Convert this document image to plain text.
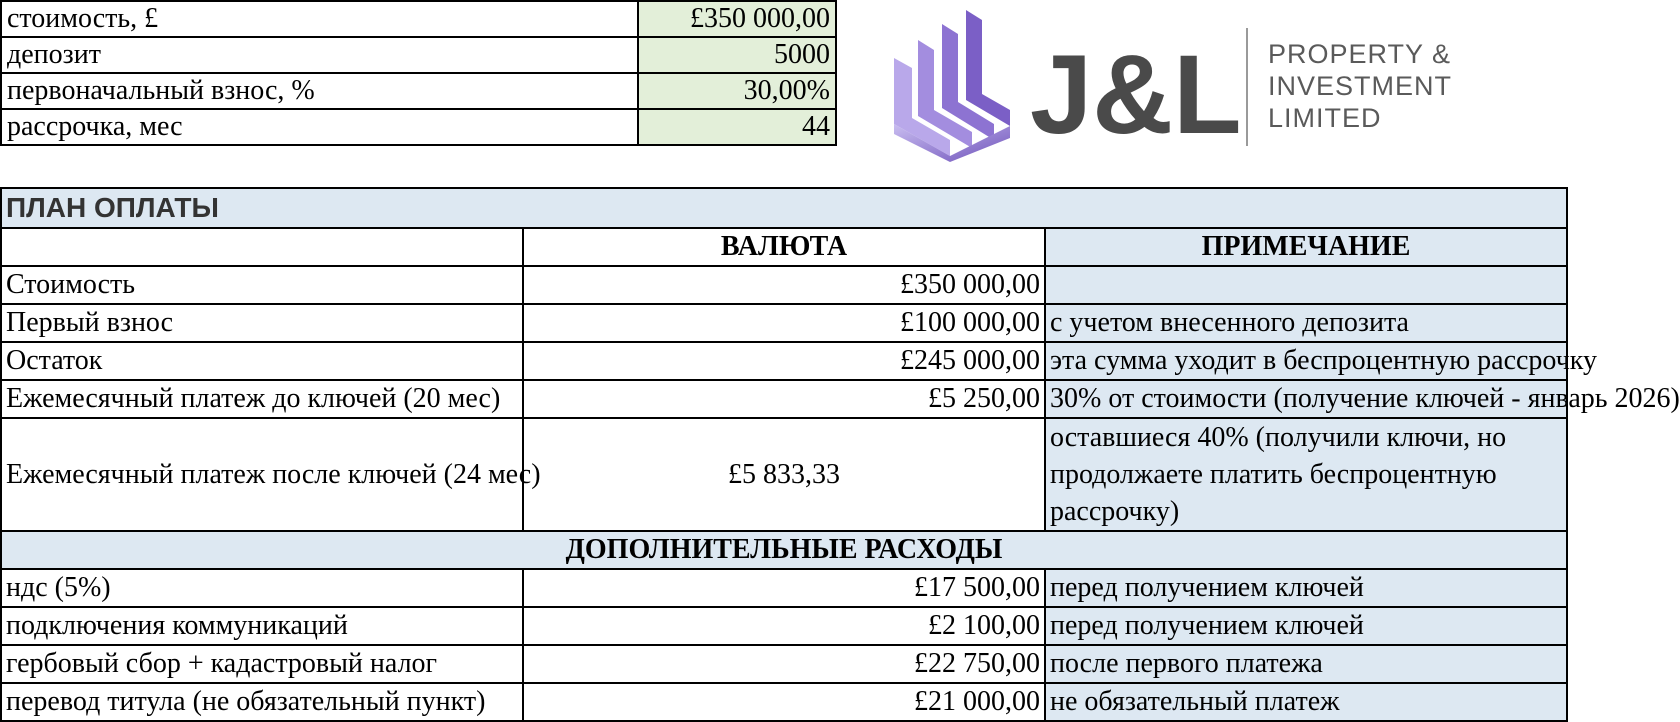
стоимость, £	£350 000,00
депозит	5000
первоначальный взнос, %	30,00%
рассрочка, мес	44 J&L PROPERTY &
INVESTMENT
LIMITED
ПЛАН ОПЛАТЫ		
	ВАЛЮТА	ПРИМЕЧАНИЕ
Стоимость	£350 000,00	
Первый взнос	£100 000,00	с учетом внесенного депозита
Остаток	£245 000,00	эта сумма уходит в беспроцентную рассрочку
Ежемесячный платеж до ключей (20 мес)	£5 250,00	30% от стоимости (получение ключей - январь 2026)
Ежемесячный платеж после ключей (24 мес)	£5 833,33	оставшиеся 40% (получили ключи, но продолжаете платить беспроцентную рассрочку)
ДОПОЛНИТЕЛЬНЫЕ РАСХОДЫ		
ндс (5%)	£17 500,00	перед получением ключей
подключения коммуникаций	£2 100,00	перед получением ключей
гербовый сбор + кадастровый налог	£22 750,00	после первого платежа
перевод титула (не обязательный пункт)	£21 000,00	не обязательный платеж
